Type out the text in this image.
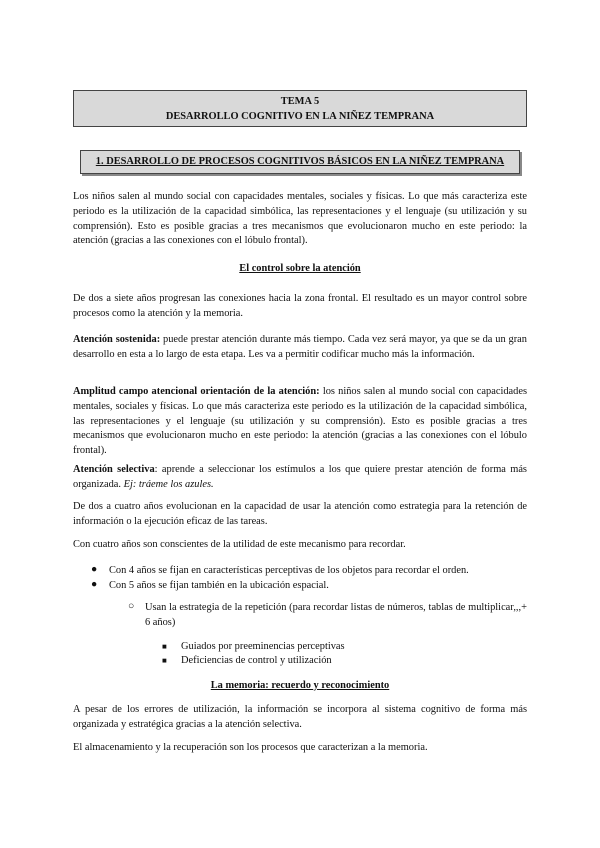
TEMA 5
DESARROLLO COGNITIVO EN LA NIÑEZ TEMPRANA
1. DESARROLLO DE PROCESOS COGNITIVOS BÁSICOS EN LA NIÑEZ TEMPRANA

Los niños salen al mundo social con capacidades mentales, sociales y físicas. Lo que más caracteriza este periodo es la utilización de la capacidad simbólica, las representaciones y el lenguaje (su utilización y su comprensión). Esto es posible gracias a tres mecanismos que evolucionaron mucho en este periodo: la atención (gracias a las conexiones con el lóbulo frontal).

El control sobre la atención

De dos a siete años progresan las conexiones hacia la zona frontal. El resultado es un mayor control sobre procesos como la atención y la memoria.

Atención sostenida: puede prestar atención durante más tiempo. Cada vez será mayor, ya que se da un gran desarrollo en esta a lo largo de esta etapa. Les va a permitir codificar mucho más la información.

Amplitud campo atencional orientación de la atención: los niños salen al mundo social con capacidades mentales, sociales y físicas. Lo que más caracteriza este periodo es la utilización de la capacidad simbólica, las representaciones y el lenguaje (su utilización y su comprensión). Esto es posible gracias a tres mecanismos que evolucionaron mucho en este periodo: la atención (gracias a las conexiones con el lóbulo frontal).

Atención selectiva: aprende a seleccionar los estímulos a los que quiere prestar atención de forma más organizada. Ej: tráeme los azules.

De dos a cuatro años evolucionan en la capacidad de usar la atención como estrategia para la retención de información o la ejecución eficaz de las tareas.

Con cuatro años son conscientes de la utilidad de este mecanismo para recordar.

● Con 4 años se fijan en características perceptivas de los objetos para recordar el orden.

● Con 5 años se fijan también en la ubicación espacial.

○ Usan la estrategia de la repetición (para recordar listas de números, tablas de multiplicar,,,+ 6 años)

■ Guiados por preeminencias perceptivas

■ Deficiencias de control y utilización

La memoria: recuerdo y reconocimiento

A pesar de los errores de utilización, la información se incorpora al sistema cognitivo de forma más organizada y estratégica gracias a la atención selectiva.

El almacenamiento y la recuperación son los procesos que caracterizan a la memoria.
